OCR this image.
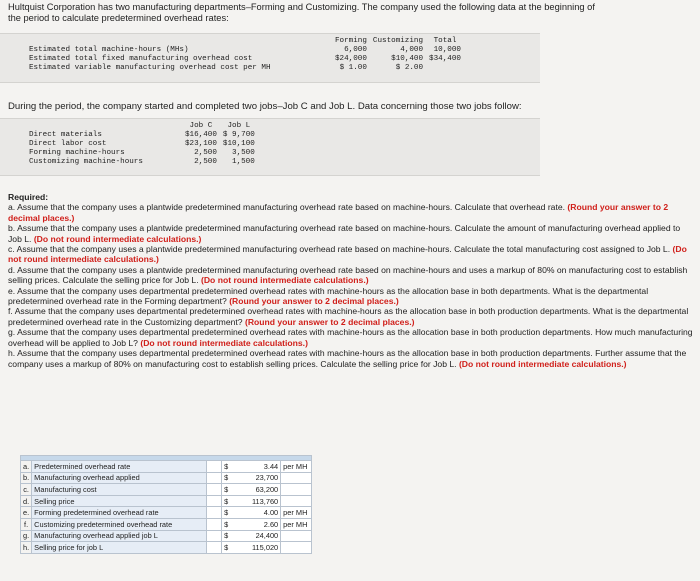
Hultquist Corporation has two manufacturing departments–Forming and Customizing. The company used the following data at the beginning of the period to calculate predetermined overhead rates:

	Forming	Customizing	Total
Estimated total machine-hours (MHs)	6,000	4,000	10,000
Estimated total fixed manufacturing overhead cost	$24,000	$10,400	$34,400
Estimated variable manufacturing overhead cost per MH	$ 1.00	$ 2.00	

During the period, the company started and completed two jobs–Job C and Job L. Data concerning those two jobs follow:

	Job C	Job L
Direct materials	$16,400	$ 9,700
Direct labor cost	$23,100	$10,100
Forming machine-hours	2,500	3,500
Customizing machine-hours	2,500	1,500

Required:

a. Assume that the company uses a plantwide predetermined manufacturing overhead rate based on machine-hours. Calculate that overhead rate. (Round your answer to 2 decimal places.)

b. Assume that the company uses a plantwide predetermined manufacturing overhead rate based on machine-hours. Calculate the amount of manufacturing overhead applied to Job L. (Do not round intermediate calculations.)

c. Assume that the company uses a plantwide predetermined manufacturing overhead rate based on machine-hours. Calculate the total manufacturing cost assigned to Job L. (Do not round intermediate calculations.)

d. Assume that the company uses a plantwide predetermined manufacturing overhead rate based on machine-hours and uses a markup of 80% on manufacturing cost to establish selling prices. Calculate the selling price for Job L. (Do not round intermediate calculations.)

e. Assume that the company uses departmental predetermined overhead rates with machine-hours as the allocation base in both departments. What is the departmental predetermined overhead rate in the Forming department? (Round your answer to 2 decimal places.)

f. Assume that the company uses departmental predetermined overhead rates with machine-hours as the allocation base in both production departments. What is the departmental predetermined overhead rate in the Customizing department? (Round your answer to 2 decimal places.)

g. Assume that the company uses departmental predetermined overhead rates with machine-hours as the allocation base in both production departments. How much manufacturing overhead will be applied to Job L? (Do not round intermediate calculations.)

h. Assume that the company uses departmental predetermined overhead rates with machine-hours as the allocation base in both production departments. Further assume that the company uses a markup of 80% on manufacturing cost to establish selling prices. Calculate the selling price for Job L. (Do not round intermediate calculations.)

a.	Predetermined overhead rate		$	3.44	per MH
b.	Manufacturing overhead applied		$	23,700	
c.	Manufacturing cost		$	63,200	
d.	Selling price		$	113,760	
e.	Forming predetermined overhead rate		$	4.00	per MH
f.	Customizing predetermined overhead rate		$	2.60	per MH
g.	Manufacturing overhead applied job L		$	24,400	
h.	Selling price for job L		$	115,020	
